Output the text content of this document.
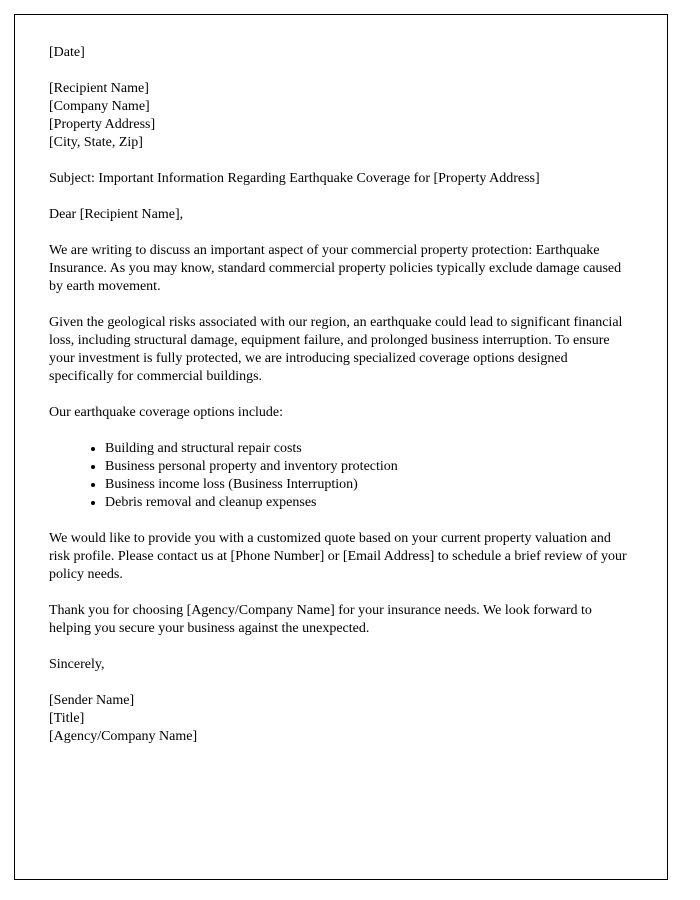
[Date]
[Recipient Name]
[Company Name]
[Property Address]
[City, State, Zip]

Subject: Important Information Regarding Earthquake Coverage for [Property Address]

Dear [Recipient Name],

We are writing to discuss an important aspect of your commercial property protection: Earthquake Insurance. As you may know, standard commercial property policies typically exclude damage caused by earth movement.

Given the geological risks associated with our region, an earthquake could lead to significant financial loss, including structural damage, equipment failure, and prolonged business interruption. To ensure your investment is fully protected, we are introducing specialized coverage options designed specifically for commercial buildings.

Our earthquake coverage options include:

• Building and structural repair costs
• Business personal property and inventory protection
• Business income loss (Business Interruption)
• Debris removal and cleanup expenses

We would like to provide you with a customized quote based on your current property valuation and risk profile. Please contact us at [Phone Number] or [Email Address] to schedule a brief review of your policy needs.

Thank you for choosing [Agency/Company Name] for your insurance needs. We look forward to helping you secure your business against the unexpected.

Sincerely,

[Sender Name]
[Title]
[Agency/Company Name]
